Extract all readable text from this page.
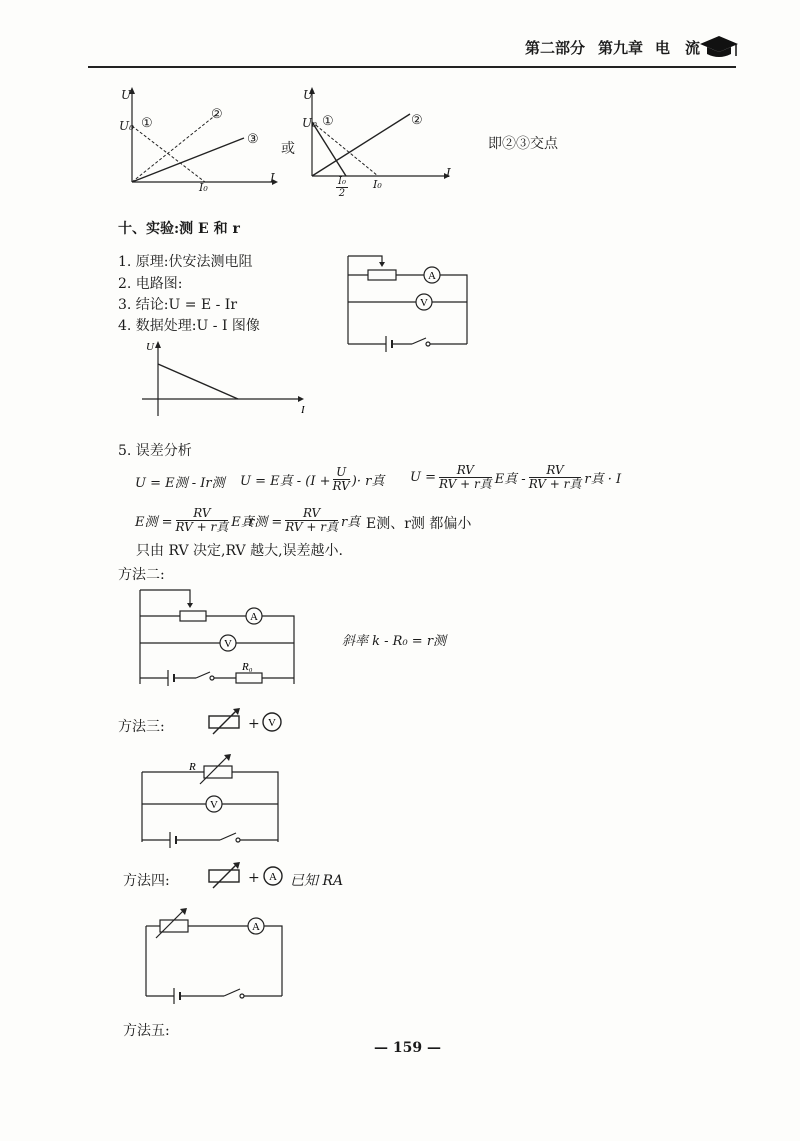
第二部分 第九章 电　流
U
U₀ ①
②
③
I₀
I
或
U
U₀ ①	②
$\frac{\text{I₀}}{2} I_0$
I
即②③交点
十、实验:测 E 和 r
1. 原理:伏安法测电阻
2. 电路图:
3. 结论:U = E - Ir
4. 数据处理:U - I 图像
A
V
U
I
5. 误差分析
U = E测 - Ir测 U = E真 - ($I + \frac{U}{RV}$ )· r真 $U = \frac{RV}{\text{RV + r真}}$ E真 - $\frac{RV}{\text{RV + r真}}$ r真 · I
E测 = $\frac{RV}{\text{RV + r真}}$ E真
r测 = $\frac{RV}{\text{RV + r真}}$ r真 E测、r测 都偏小
只由 RV 决定,RV 越大,误差越小.
方法二:
A
V
R₀
斜率 k - R₀ = r测
方法三:	+ V
R
V
方法四:	+ A 已知 RA
A
方法五:
— 159 —
